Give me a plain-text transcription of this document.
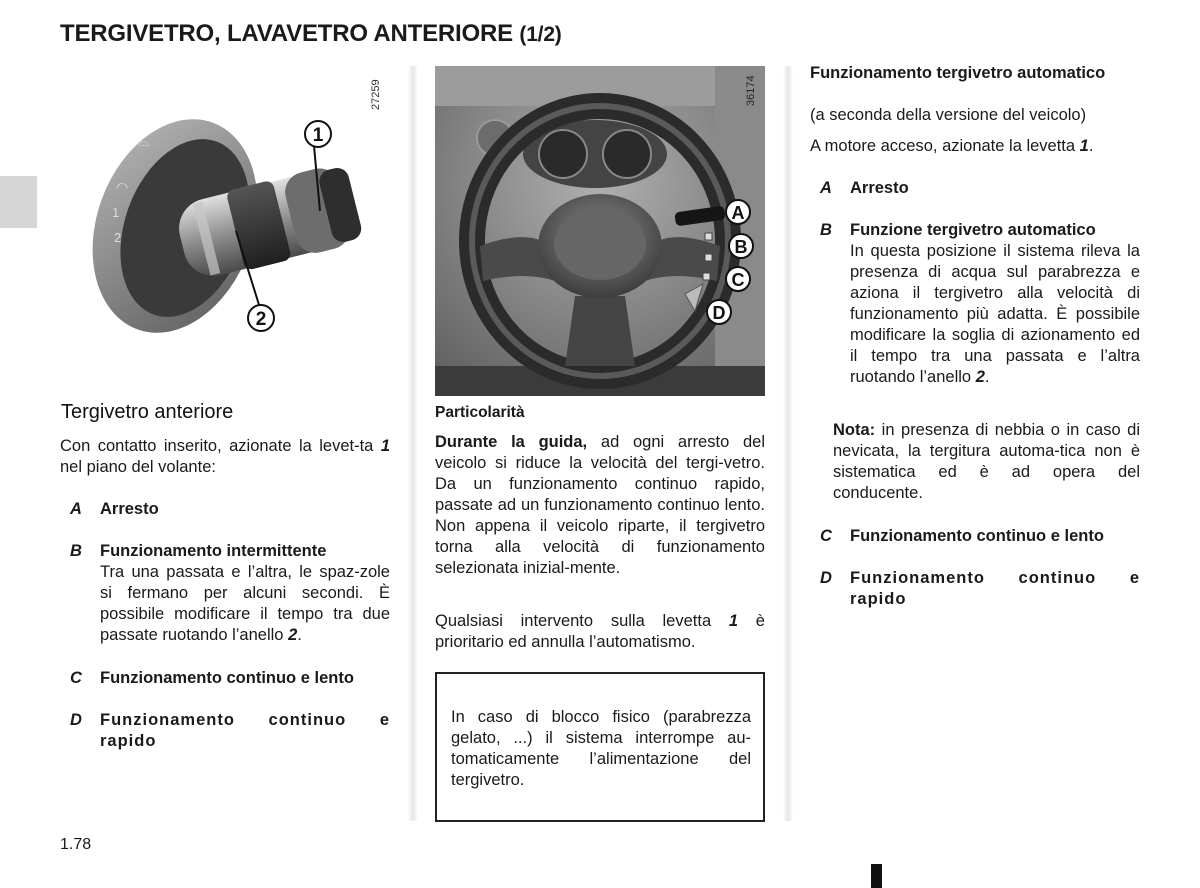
TERGIVETRO, LAVAVETRO ANTERIORE (1/2)
◠
1
2
⌓	1
2
27259
A
B
C
D
36174
Tergivetro anteriore

Con contatto inserito, azionate la levet-ta 1 nel piano del volante:

A Arresto
B Funzionamento intermittente
Tra una passata e l’altra, le spaz-zole si fermano per alcuni secondi. È possibile modificare il tempo tra due passate ruotando l’anello 2.
C Funzionamento continuo e lento
D Funzionamento continuo e rapido

Particolarità

Durante la guida, ad ogni arresto del veicolo si riduce la velocità del tergi-vetro. Da un funzionamento continuo rapido, passate ad un funzionamento continuo lento. Non appena il veicolo riparte, il tergivetro torna alla velocità di funzionamento selezionata inizial-mente.

Qualsiasi intervento sulla levetta 1 è prioritario ed annulla l’automatismo.

In caso di blocco fisico (parabrezza gelato, ...) il sistema interrompe au-tomaticamente l’alimentazione del tergivetro.

Funzionamento tergivetro automatico

(a seconda della versione del veicolo)

A motore acceso, azionate la levetta 1.

A Arresto
B Funzione tergivetro automatico
In questa posizione il sistema rileva la presenza di acqua sul parabrezza e aziona il tergivetro alla velocità di funzionamento più adatta. È possibile modificare la soglia di azionamento ed il tempo tra una passata e l’altra ruotando l’anello 2.

Nota: in presenza di nebbia o in caso di nevicata, la tergitura automa-tica non è sistematica ed è ad opera del conducente.

C Funzionamento continuo e lento
D Funzionamento continuo e rapido
1.78
